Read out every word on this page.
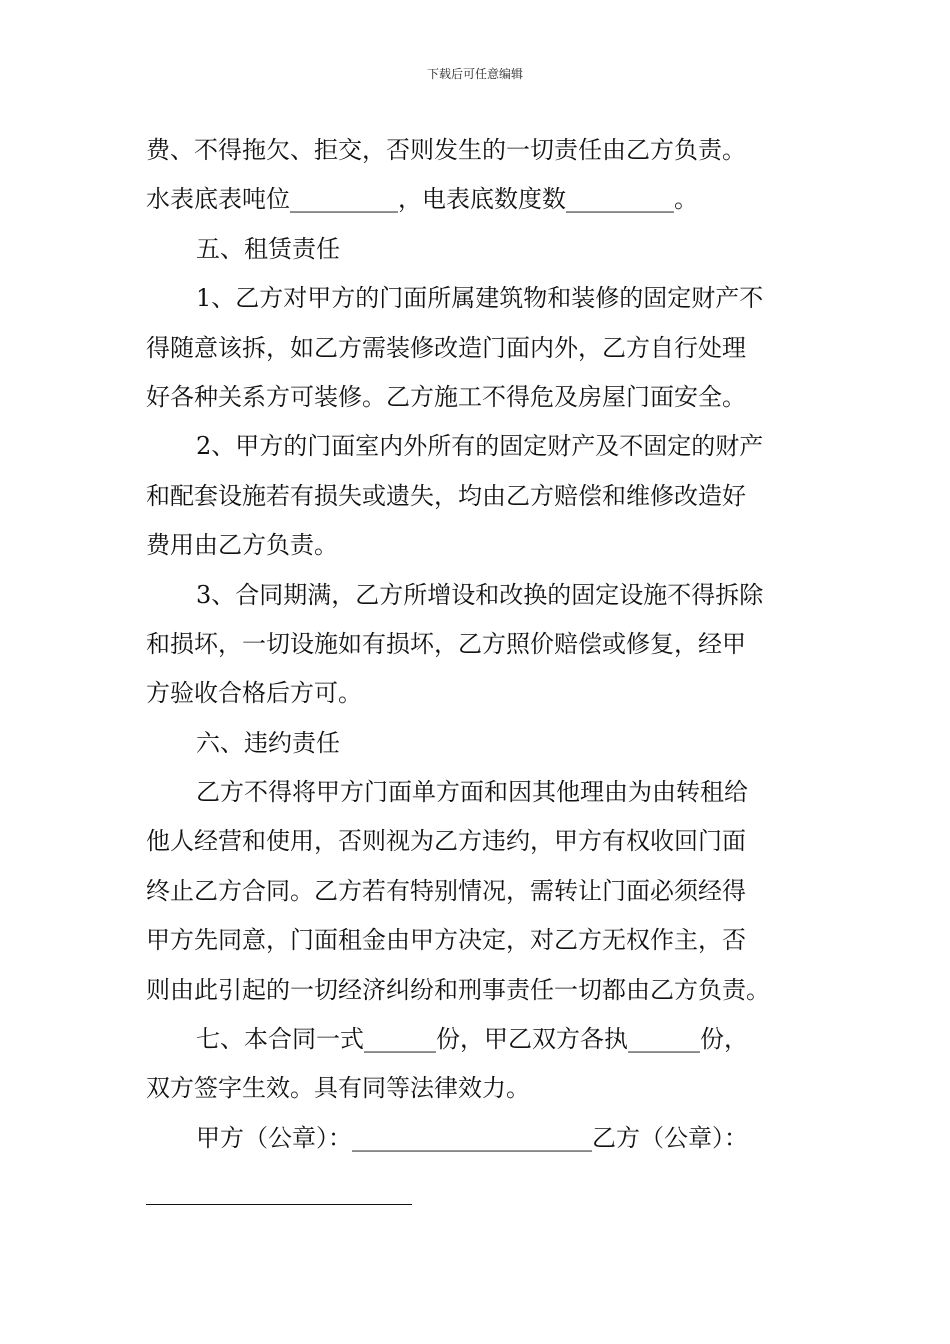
下载后可任意编辑
费、不得拖欠、拒交，否则发生的一切责任由乙方负责。
水表底表吨位_________，电表底数度数_________。
五、租赁责任
1、乙方对甲方的门面所属建筑物和装修的固定财产不
得随意该拆，如乙方需装修改造门面内外，乙方自行处理
好各种关系方可装修。乙方施工不得危及房屋门面安全。
2、甲方的门面室内外所有的固定财产及不固定的财产
和配套设施若有损失或遗失，均由乙方赔偿和维修改造好
费用由乙方负责。
3、合同期满，乙方所增设和改换的固定设施不得拆除
和损坏，一切设施如有损坏，乙方照价赔偿或修复，经甲
方验收合格后方可。
六、违约责任
乙方不得将甲方门面单方面和因其他理由为由转租给
他人经营和使用，否则视为乙方违约，甲方有权收回门面
终止乙方合同。乙方若有特别情况，需转让门面必须经得
甲方先同意，门面租金由甲方决定，对乙方无权作主，否
则由此引起的一切经济纠纷和刑事责任一切都由乙方负责。
七、本合同一式______份，甲乙双方各执______份，
双方签字生效。具有同等法律效力。
甲方（公章）：____________________乙方（公章）：
